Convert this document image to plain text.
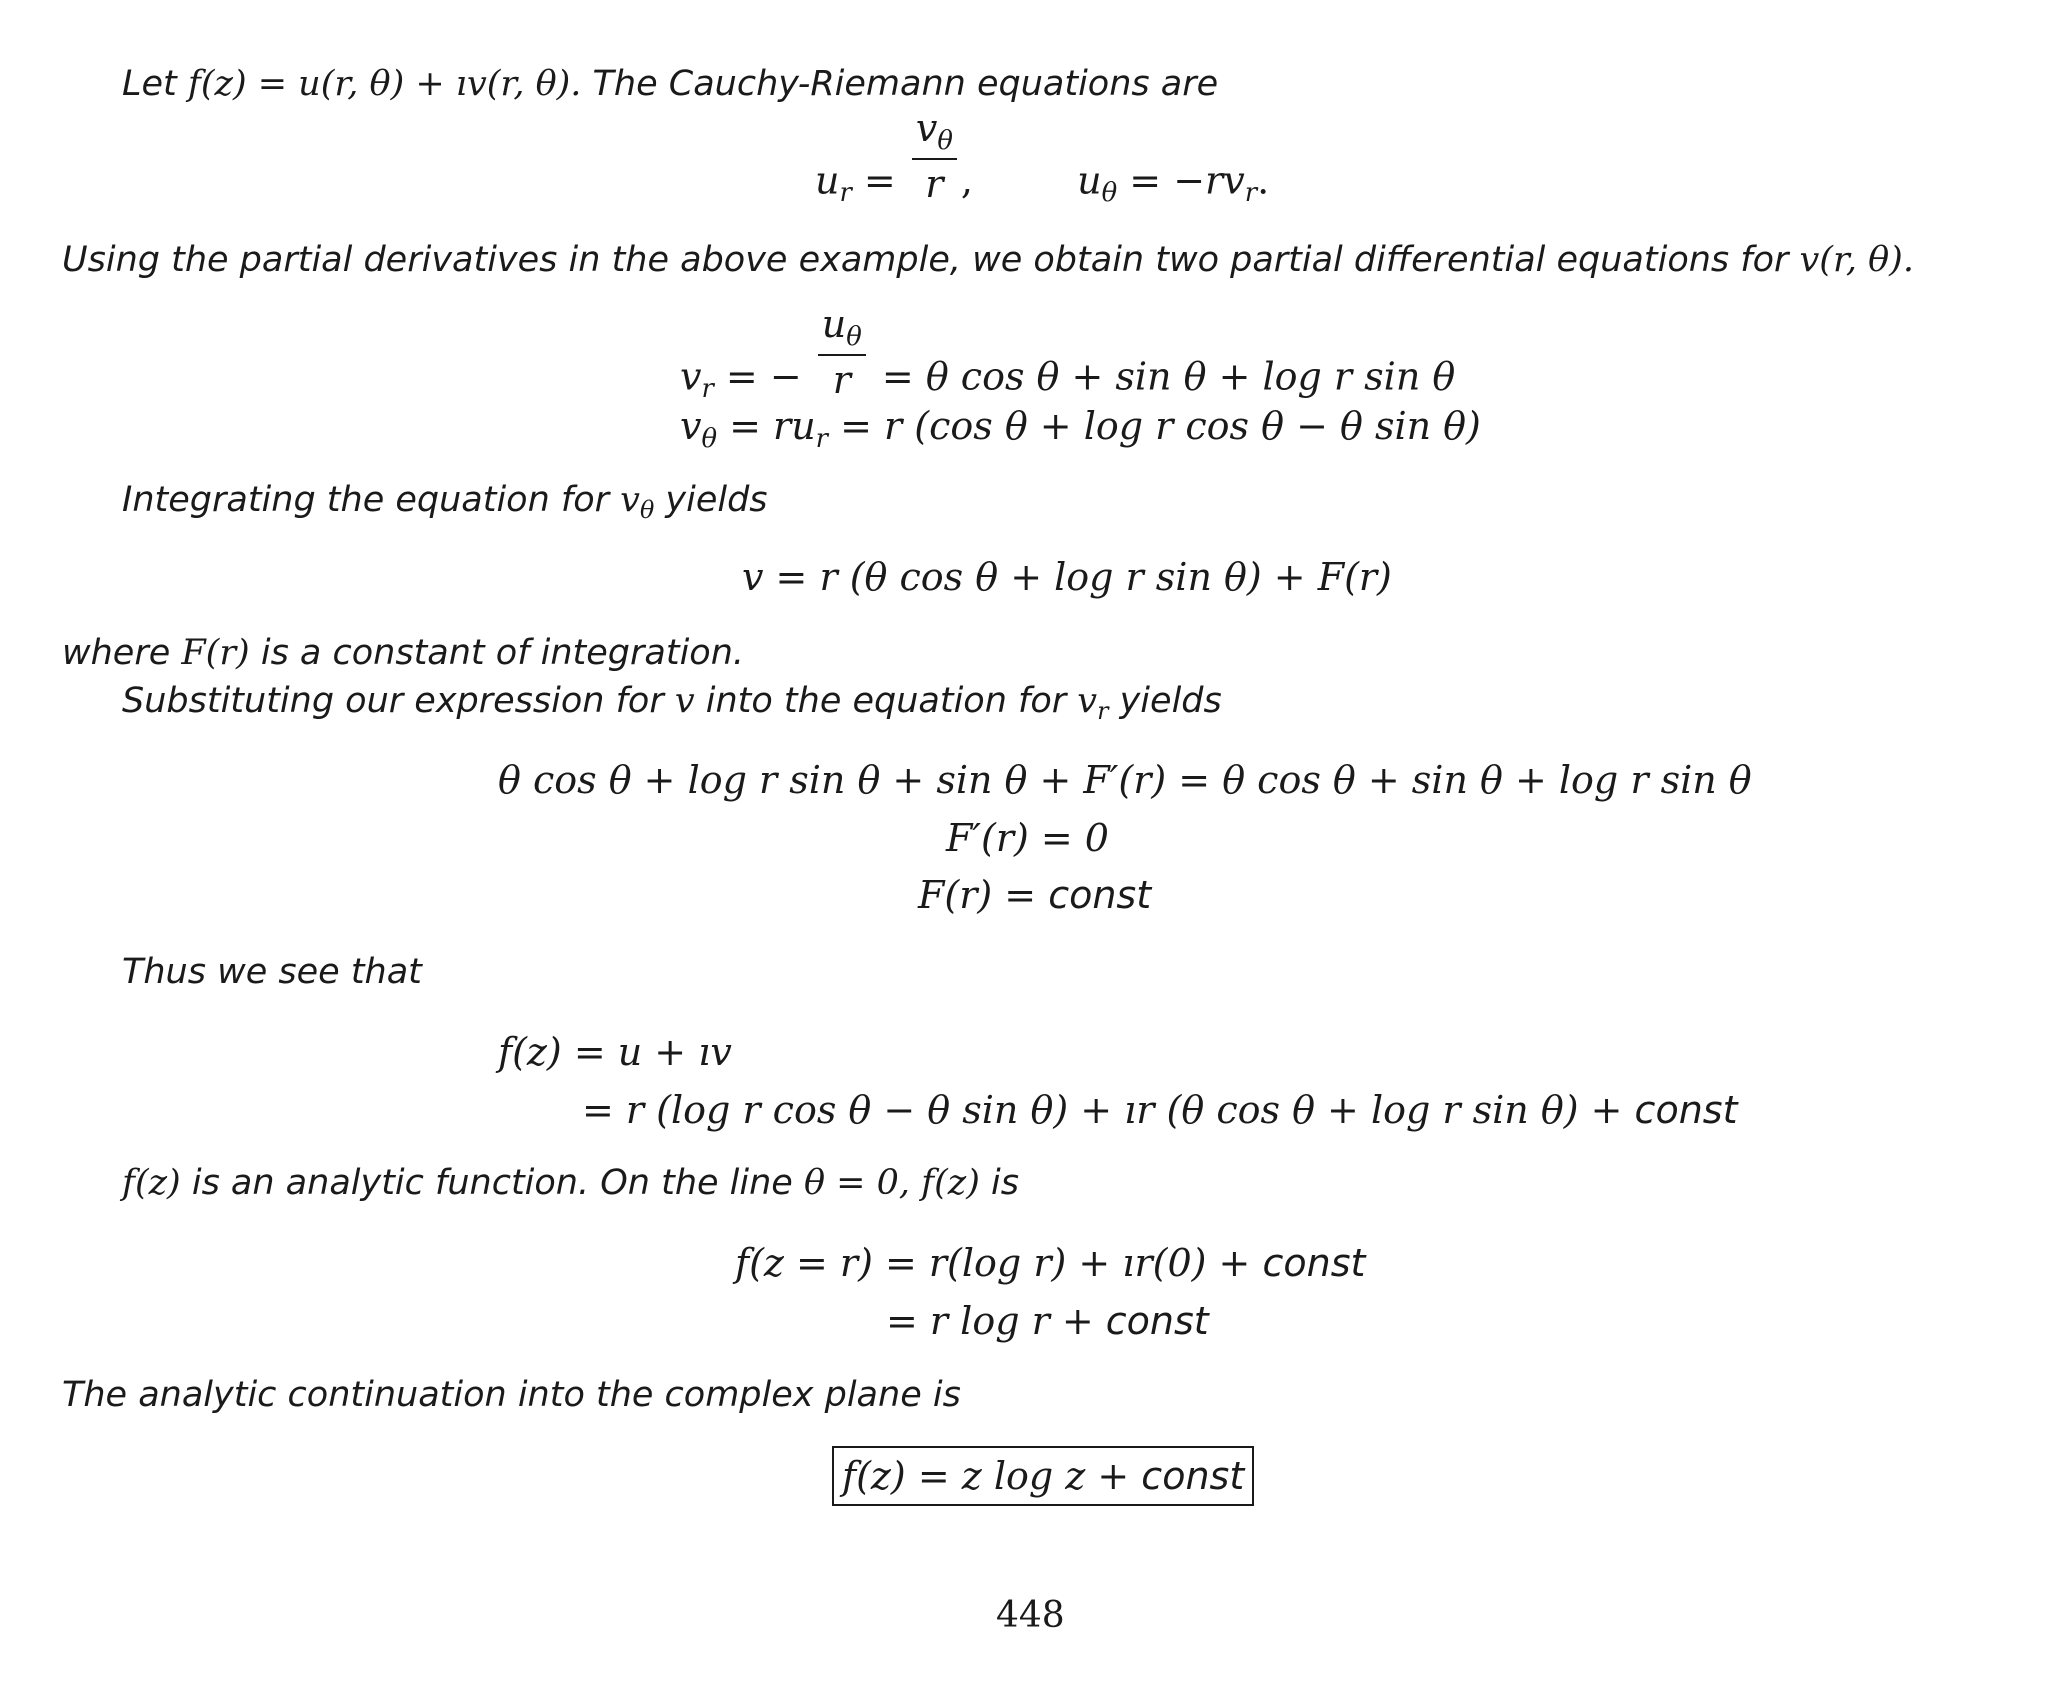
Let f(z) = u(r, θ) + ıv(r, θ). The Cauchy-Riemann equations are
$u_r = \frac{v_\theta}{r}$ ,	$u_\theta = -rv_r$.
Using the partial derivatives in the above example, we obtain two partial differential equations for v(r, θ).
$v_r$ = − $\frac{u_\theta}{r} = \theta$ cos θ + sin θ + log r sin θ
$v_\theta = ru_r = r$ (cos θ + log r cos θ − θ sin θ)
Integrating the equation for $v_\theta$ yields
v = r (θ cos θ + log r sin θ) + F(r)
where F(r) is a constant of integration.
Substituting our expression for v into the equation for $v_r$ yields
θ cos θ + log r sin θ + sin θ + F′(r) = θ cos θ + sin θ + log r sin θ
F′(r) = 0
F(r) = const
Thus we see that
f(z) = u + ıv
= r (log r cos θ − θ sin θ) + ır (θ cos θ + log r sin θ) + const
f(z) is an analytic function. On the line θ = 0, f(z) is
f(z = r) = r(log r) + ır(0) + const
= r log r + const
The analytic continuation into the complex plane is
f(z) = z log z + const
448
